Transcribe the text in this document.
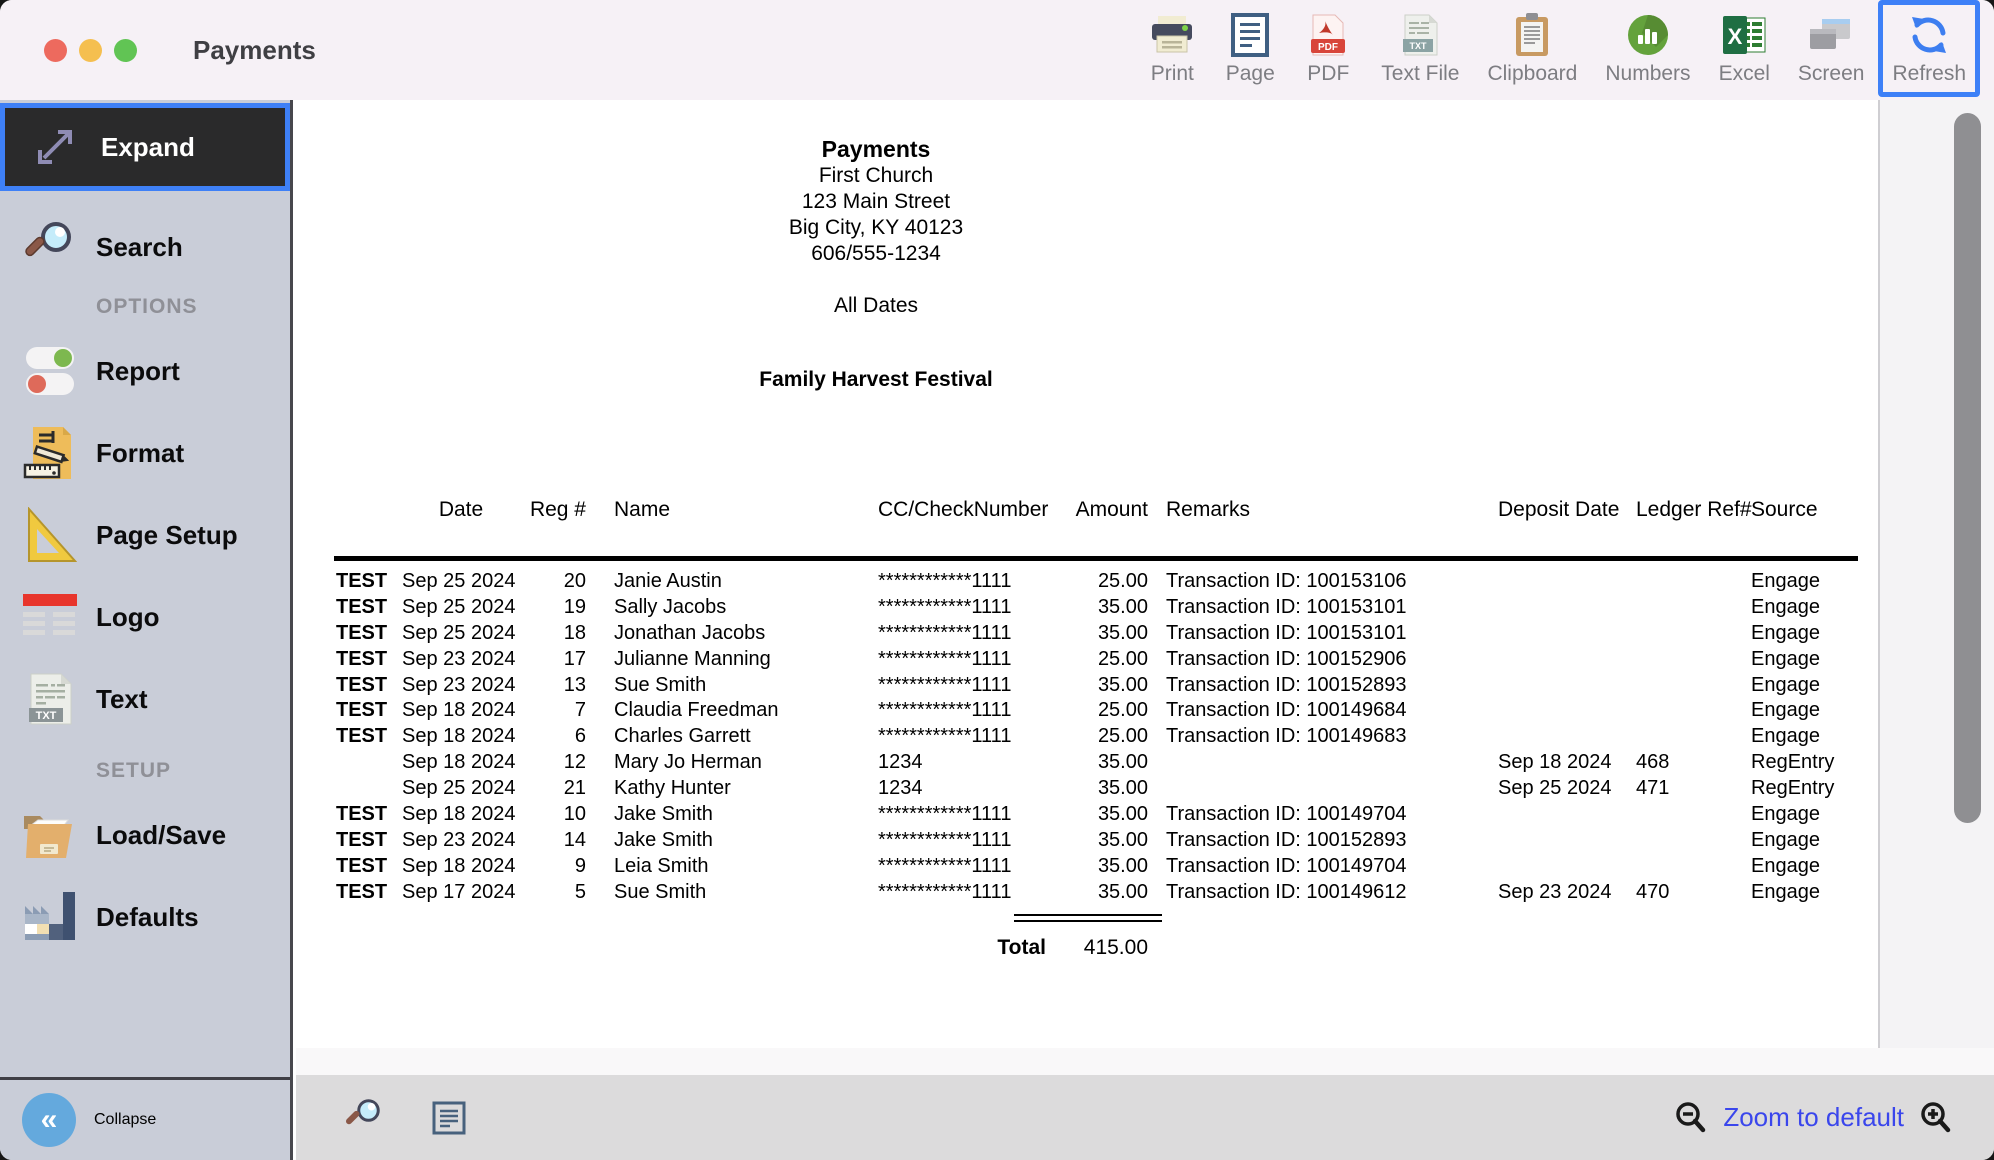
Payments
Print Page
PDF
PDF
TXT
Text File Clipboard Numbers
X
Excel Screen Refresh
«	Collapse
Expand
Search
OPTIONS
Report
Format
Page Setup
Logo
TXT
Text
SETUP
Load/Save
Defaults
Payments
First Church
123 Main Street
Big City, KY 40123
606/555-1234
All Dates
Family Harvest Festival
Date	Reg # Name	CC/CheckNumber	Amount Remarks	Deposit Date Ledger Ref# Source
TEST Sep 25 2024	20 Janie Austin	************1111	25.00 Transaction ID: 100153106	Engage
TEST Sep 25 2024	19 Sally Jacobs	************1111	35.00 Transaction ID: 100153101	Engage
TEST Sep 25 2024	18 Jonathan Jacobs	************1111	35.00 Transaction ID: 100153101	Engage
TEST Sep 23 2024	17 Julianne Manning	************1111	25.00 Transaction ID: 100152906	Engage
TEST Sep 23 2024	13 Sue Smith	************1111	35.00 Transaction ID: 100152893	Engage
TEST Sep 18 2024	7 Claudia Freedman	************1111	25.00 Transaction ID: 100149684	Engage
TEST Sep 18 2024	6 Charles Garrett	************1111	25.00 Transaction ID: 100149683	Engage
Sep 18 2024	12 Mary Jo Herman	1234	35.00	Sep 18 2024	468	RegEntry
Sep 25 2024	21 Kathy Hunter	1234	35.00	Sep 25 2024	471	RegEntry
TEST Sep 18 2024	10 Jake Smith	************1111	35.00 Transaction ID: 100149704	Engage
TEST Sep 23 2024	14 Jake Smith	************1111	35.00 Transaction ID: 100152893	Engage
TEST Sep 18 2024	9 Leia Smith	************1111	35.00 Transaction ID: 100149704	Engage
TEST Sep 17 2024	5 Sue Smith	************1111	35.00 Transaction ID: 100149612	Sep 23 2024	470	Engage
Total	415.00
Zoom to default
